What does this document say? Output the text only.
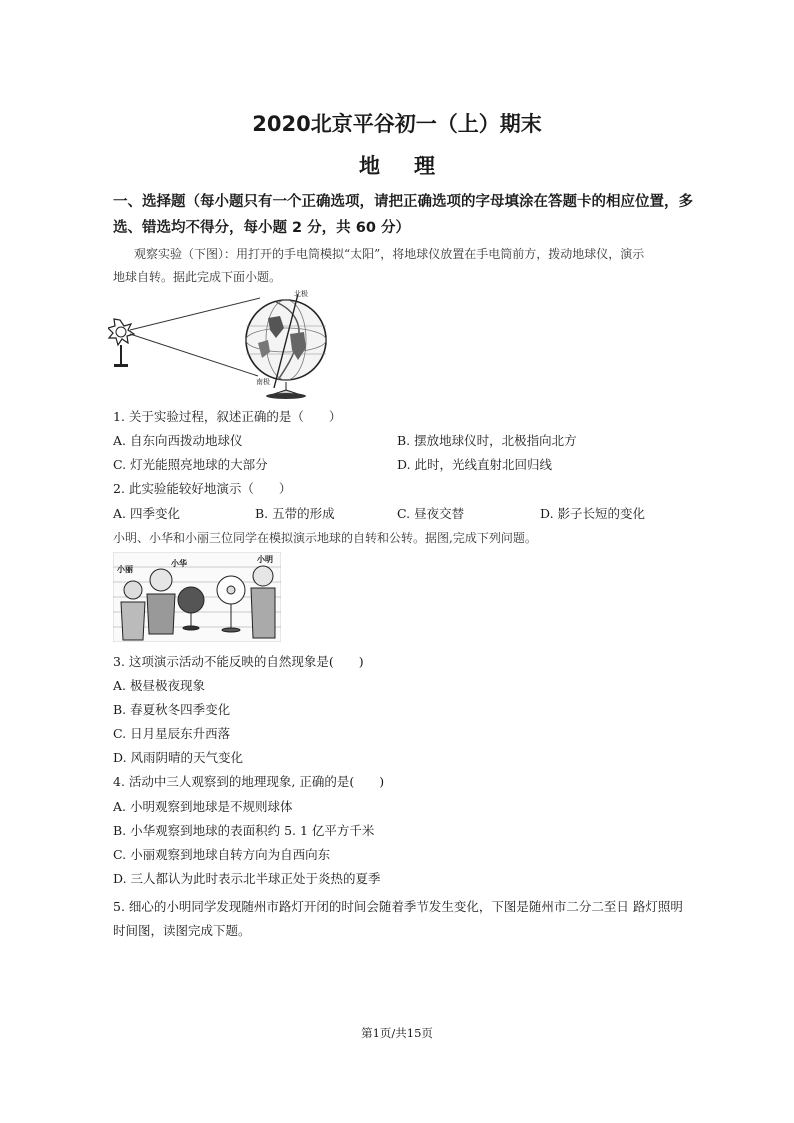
2020北京平谷初一（上）期末
地理
一、选择题（每小题只有一个正确选项，请把正确选项的字母填涂在答题卡的相应位置，多
选、错选均不得分，每小题 2 分，共 60 分）
观察实验（下图）：用打开的手电筒模拟“太阳”，将地球仪放置在手电筒前方，拨动地球仪，演示
地球自转。据此完成下面小题。
北极
南极
1. 关于实验过程，叙述正确的是（　　）
A. 自东向西拨动地球仪	B. 摆放地球仪时，北极指向北方
C. 灯光能照亮地球的大部分	D. 此时，光线直射北回归线
2. 此实验能较好地演示（　　）
A. 四季变化	B. 五带的形成	C. 昼夜交替	D. 影子长短的变化
小明、小华和小丽三位同学在模拟演示地球的自转和公转。据图,完成下列问题。
小丽
小华	小明
3. 这项演示活动不能反映的自然现象是(　　)
A. 极昼极夜现象
B. 春夏秋冬四季变化
C. 日月星辰东升西落
D. 风雨阴晴的天气变化
4. 活动中三人观察到的地理现象, 正确的是(　　)
A. 小明观察到地球是不规则球体
B. 小华观察到地球的表面积约 5. 1 亿平方千米
C. 小丽观察到地球自转方向为自西向东
D. 三人都认为此时表示北半球正处于炎热的夏季
5. 细心的小明同学发现随州市路灯开闭的时间会随着季节发生变化，下图是随州市二分二至日 路灯照明
时间图，读图完成下题。
第1页/共15页
